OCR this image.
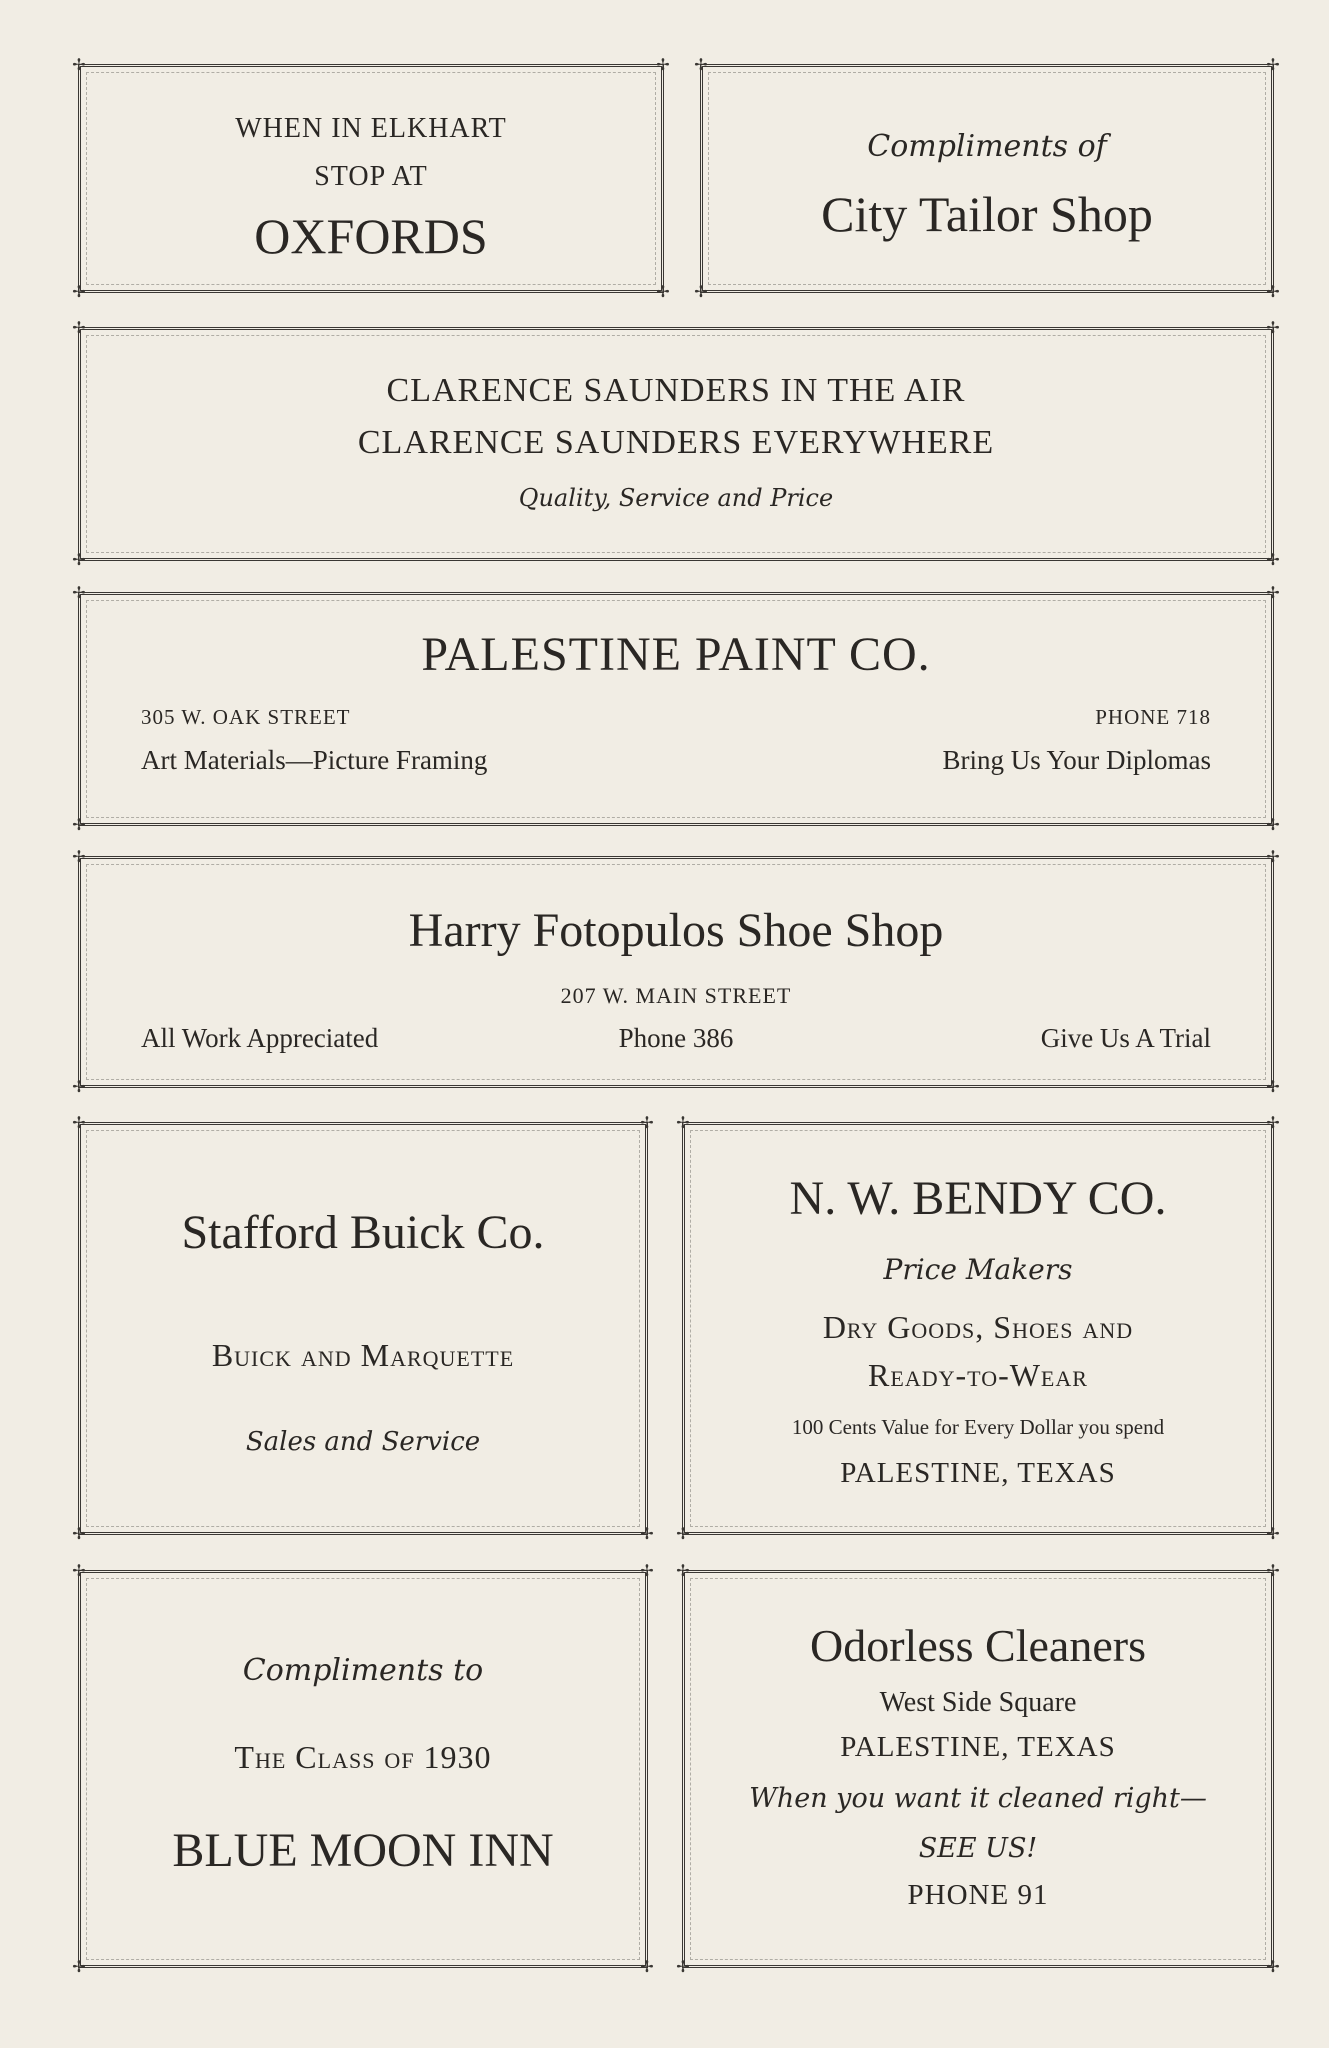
✢	✢
✢	✢
WHEN IN ELKHART
STOP AT
OXFORDS
✢	✢
✢	✢
Compliments of
City Tailor Shop
✢	✢
✢	✢
CLARENCE SAUNDERS IN THE AIR
CLARENCE SAUNDERS EVERYWHERE
Quality, Service and Price
✢	✢
✢	✢
PALESTINE PAINT CO.
305 W. OAK STREET	PHONE 718
Art Materials—Picture Framing	Bring Us Your Diplomas
✢	✢
✢	✢
Harry Fotopulos Shoe Shop
207 W. MAIN STREET
All Work Appreciated	Phone 386	Give Us A Trial
✢	✢
✢	✢
Stafford Buick Co.
Buick and Marquette
Sales and Service
✢	✢
✢	✢
N. W. BENDY CO.
Price Makers
Dry Goods, Shoes and
Ready-to-Wear
100 Cents Value for Every Dollar you spend
PALESTINE, TEXAS
✢	✢
✢	✢
Compliments to
The Class of 1930
BLUE MOON INN
✢	✢
✢	✢
Odorless Cleaners
West Side Square
PALESTINE, TEXAS
When you want it cleaned right—
SEE US!
PHONE 91
